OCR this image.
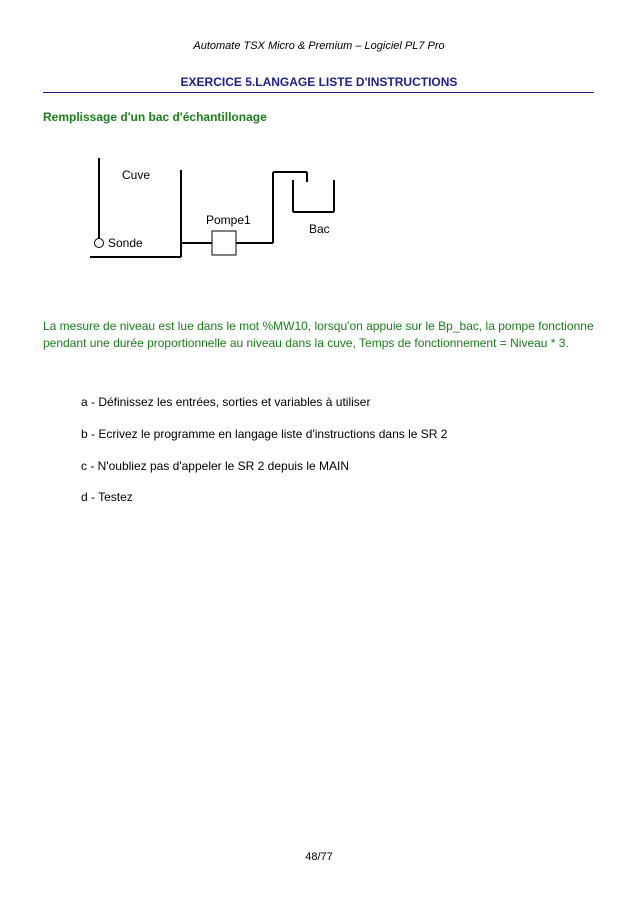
Automate TSX Micro & Premium – Logiciel PL7 Pro
EXERCICE 5.LANGAGE LISTE D'INSTRUCTIONS
Remplissage d'un bac d'échantillonage
Cuve
Sonde
Pompe1
Bac
La mesure de niveau est lue dans le mot %MW10, lorsqu'on appuie sur le Bp_bac, la pompe fonctionne pendant une durée proportionnelle au niveau dans la cuve, Temps de fonctionnement = Niveau * 3.
a - Définissez les entrées, sorties et variables à utiliser
b - Ecrivez le programme en langage liste d'instructions dans le SR 2
c - N'oubliez pas d'appeler le SR 2 depuis le MAIN
d - Testez
48/77
